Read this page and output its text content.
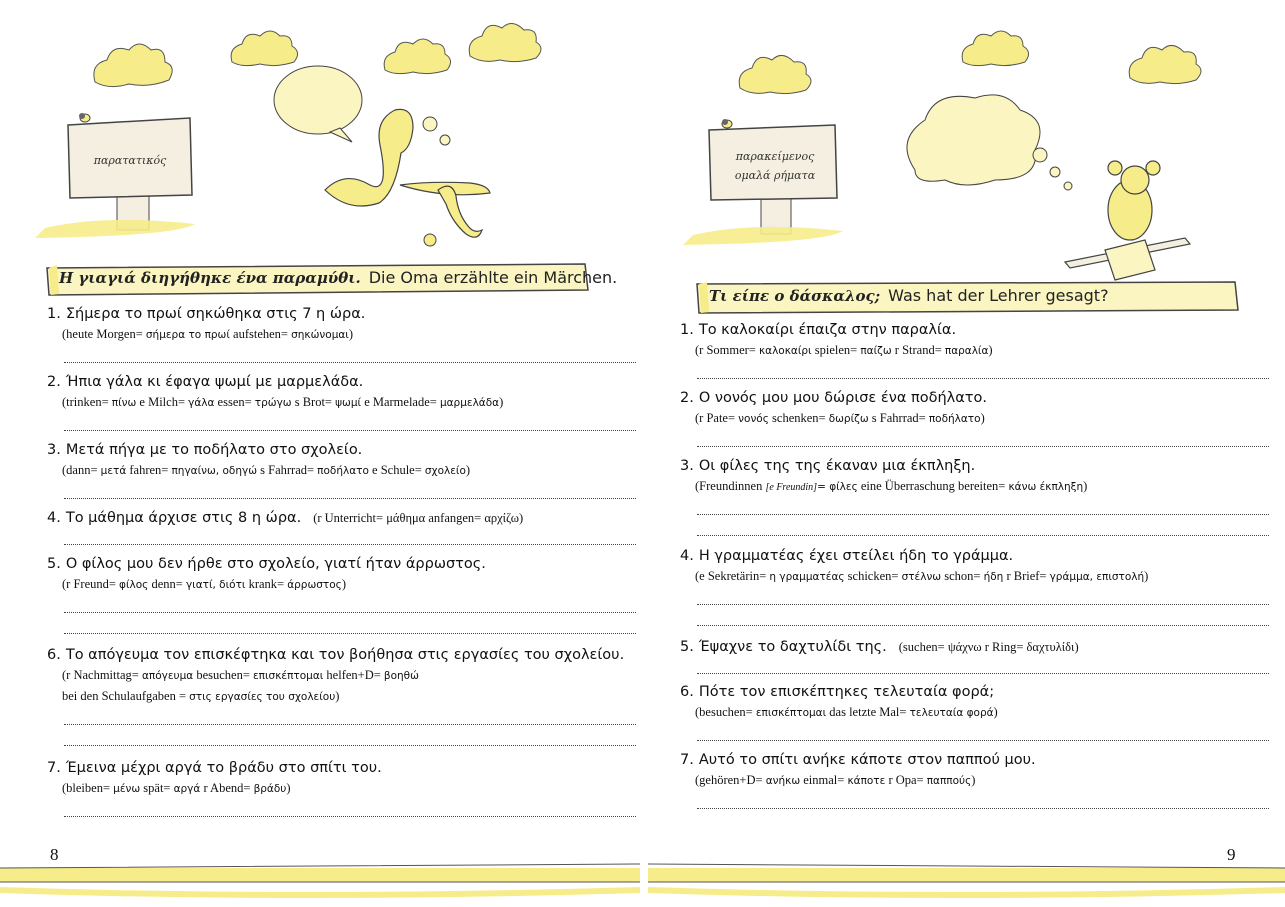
παρατατικός
Η γιαγιά διηγήθηκε ένα παραμύθι. Die Oma erzählte ein Märchen.
1. Σήμερα το πρωί σηκώθηκα στις 7 η ώρα.
(heute Morgen= σήμερα το πρωί aufstehen= σηκώνομαι)
2. Ήπια γάλα κι έφαγα ψωμί με μαρμελάδα.
(trinken= πίνω e Milch= γάλα essen= τρώγω s Brot= ψωμί e Marmelade= μαρμελάδα)
3. Μετά πήγα με το ποδήλατο στο σχολείο.
(dann= μετά fahren= πηγαίνω, οδηγώ s Fahrrad= ποδήλατο e Schule= σχολείο)
4. Το μάθημα άρχισε στις 8 η ώρα. (r Unterricht= μάθημα anfangen= αρχίζω)
5. Ο φίλος μου δεν ήρθε στο σχολείο, γιατί ήταν άρρωστος.
(r Freund= φίλος denn= γιατί, διότι krank= άρρωστος)
6. Το απόγευμα τον επισκέφτηκα και τον βοήθησα στις εργασίες του σχολείου.
(r Nachmittag= απόγευμα besuchen= επισκέπτομαι helfen+D= βοηθώ
bei den Schulaufgaben = στις εργασίες του σχολείου)
7. Έμεινα μέχρι αργά το βράδυ στο σπίτι του.
(bleiben= μένω spät= αργά r Abend= βράδυ)
8
παρακείμενος
ομαλά ρήματα
Τι είπε ο δάσκαλος; Was hat der Lehrer gesagt?
1. Το καλοκαίρι έπαιζα στην παραλία.
(r Sommer= καλοκαίρι spielen= παίζω r Strand= παραλία)
2. Ο νονός μου μου δώρισε ένα ποδήλατο.
(r Pate= νονός schenken= δωρίζω s Fahrrad= ποδήλατο)
3. Οι φίλες της της έκαναν μια έκπληξη.
(Freundinnen [e Freundin]= φίλες eine Überraschung bereiten= κάνω έκπληξη)
4. Η γραμματέας έχει στείλει ήδη το γράμμα.
(e Sekretärin= η γραμματέας schicken= στέλνω schon= ήδη r Brief= γράμμα, επιστολή)
5. Έψαχνε το δαχτυλίδι της. (suchen= ψάχνω r Ring= δαχτυλίδι)
6. Πότε τον επισκέπτηκες τελευταία φορά;
(besuchen= επισκέπτομαι das letzte Mal= τελευταία φορά)
7. Αυτό το σπίτι ανήκε κάποτε στον παππού μου.
(gehören+D= ανήκω einmal= κάποτε r Opa= παππούς)
9
